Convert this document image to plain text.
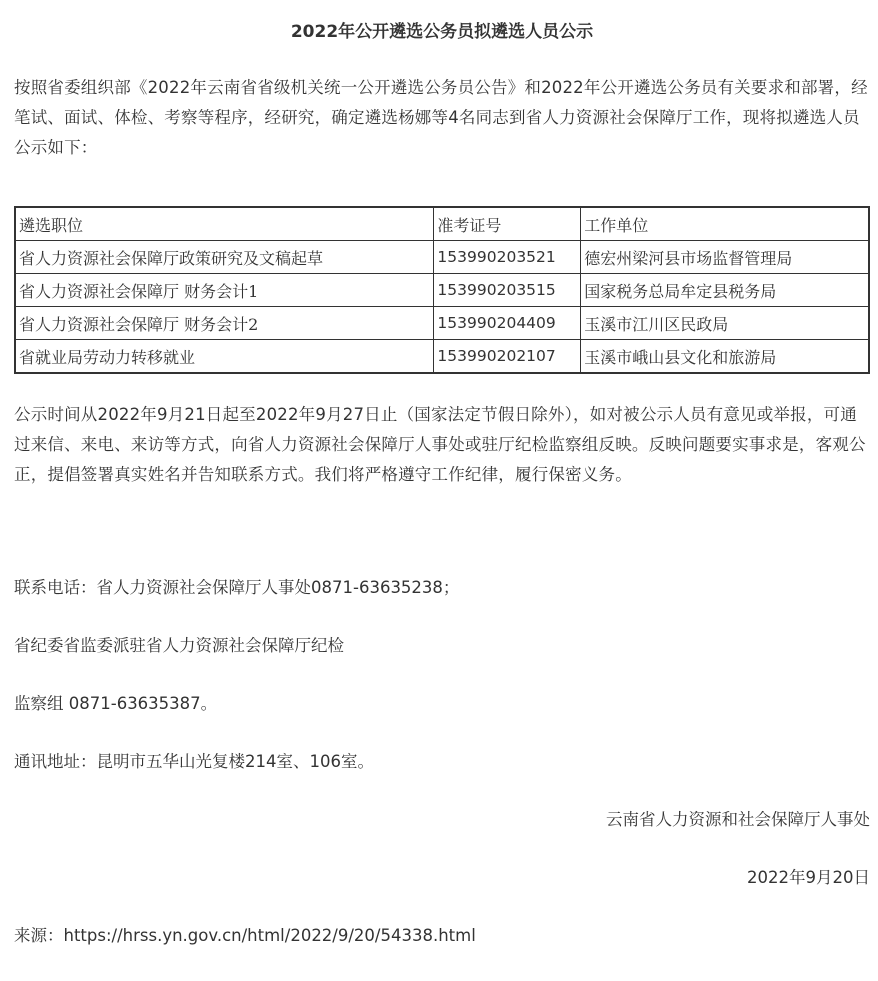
2022年公开遴选公务员拟遴选人员公示

按照省委组织部《2022年云南省省级机关统一公开遴选公务员公告》和2022年公开遴选公务员有关要求和部署，经笔试、面试、体检、考察等程序，经研究，确定遴选杨娜等4名同志到省人力资源社会保障厅工作，现将拟遴选人员公示如下：

遴选职位	准考证号	工作单位
省人力资源社会保障厅政策研究及文稿起草	153990203521	德宏州梁河县市场监督管理局
省人力资源社会保障厅 财务会计1	153990203515	国家税务总局牟定县税务局
省人力资源社会保障厅 财务会计2	153990204409	玉溪市江川区民政局
省就业局劳动力转移就业	153990202107	玉溪市峨山县文化和旅游局

公示时间从2022年9月21日起至2022年9月27日止（国家法定节假日除外），如对被公示人员有意见或举报，可通过来信、来电、来访等方式，向省人力资源社会保障厅人事处或驻厅纪检监察组反映。反映问题要实事求是，客观公正，提倡签署真实姓名并告知联系方式。我们将严格遵守工作纪律，履行保密义务。

联系电话：省人力资源社会保障厅人事处0871-63635238；

省纪委省监委派驻省人力资源社会保障厅纪检

监察组 0871-63635387。

通讯地址：昆明市五华山光复楼214室、106室。

云南省人力资源和社会保障厅人事处

2022年9月20日

来源：https://hrss.yn.gov.cn/html/2022/9/20/54338.html
